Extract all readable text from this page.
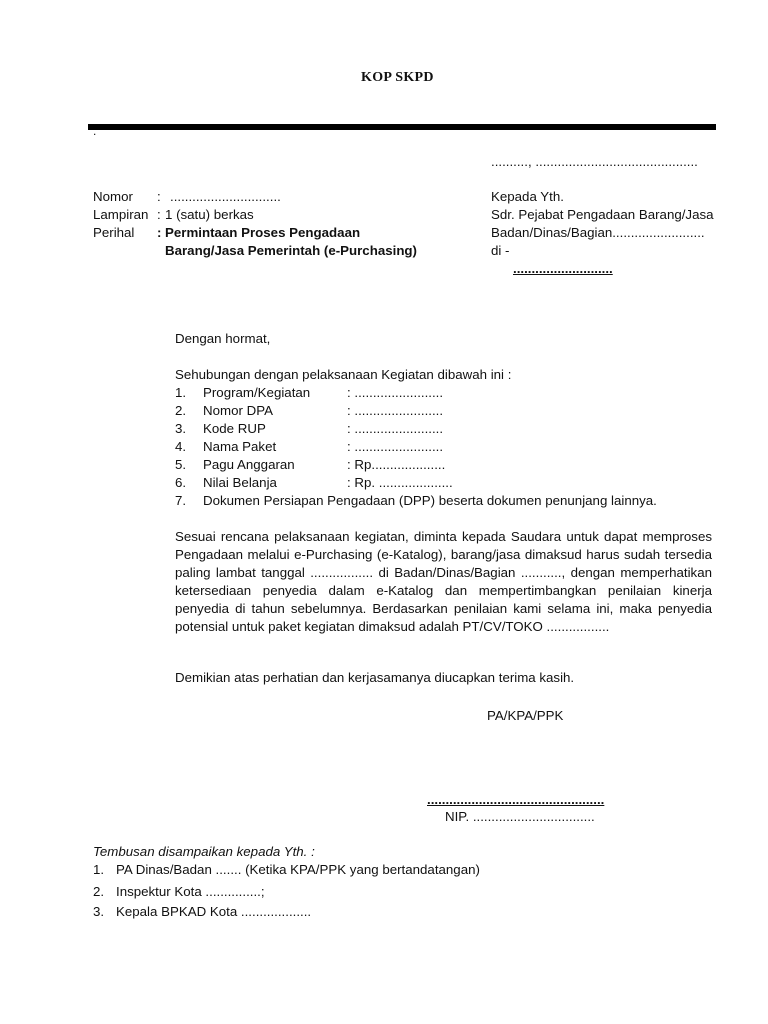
KOP SKPD
.
.........., ............................................
Nomor : ..............................
Lampiran : 1 (satu) berkas
Perihal : Permintaan Proses Pengadaan
Barang/Jasa Pemerintah (e-Purchasing)
Kepada Yth.
Sdr. Pejabat Pengadaan Barang/Jasa
Badan/Dinas/Bagian.........................
di -
...........................
Dengan hormat,
Sehubungan dengan pelaksanaan Kegiatan dibawah ini :
1. Program/Kegiatan	: ........................
2. Nomor DPA	: ........................
3. Kode RUP	: ........................
4. Nama Paket	: ........................
5. Pagu Anggaran	: Rp....................
6. Nilai Belanja	: Rp. ....................
7. Dokumen Persiapan Pengadaan (DPP) beserta dokumen penunjang lainnya.
Sesuai rencana pelaksanaan kegiatan, diminta kepada Saudara untuk dapat memproses Pengadaan melalui e-Purchasing (e-Katalog), barang/jasa dimaksud harus sudah tersedia paling lambat tanggal ................. di Badan/Dinas/Bagian ..........., dengan memperhatikan ketersediaan penyedia dalam e-Katalog dan mempertimbangkan penilaian kinerja penyedia di tahun sebelumnya. Berdasarkan penilaian kami selama ini, maka penyedia potensial untuk paket kegiatan dimaksud adalah PT/CV/TOKO .................
Demikian atas perhatian dan kerjasamanya diucapkan terima kasih.
PA/KPA/PPK
................................................
NIP. .................................
Tembusan disampaikan kepada Yth. :
1. PA Dinas/Badan ....... (Ketika KPA/PPK yang bertandatangan)
2. Inspektur Kota ...............;
3. Kepala BPKAD Kota ...................
